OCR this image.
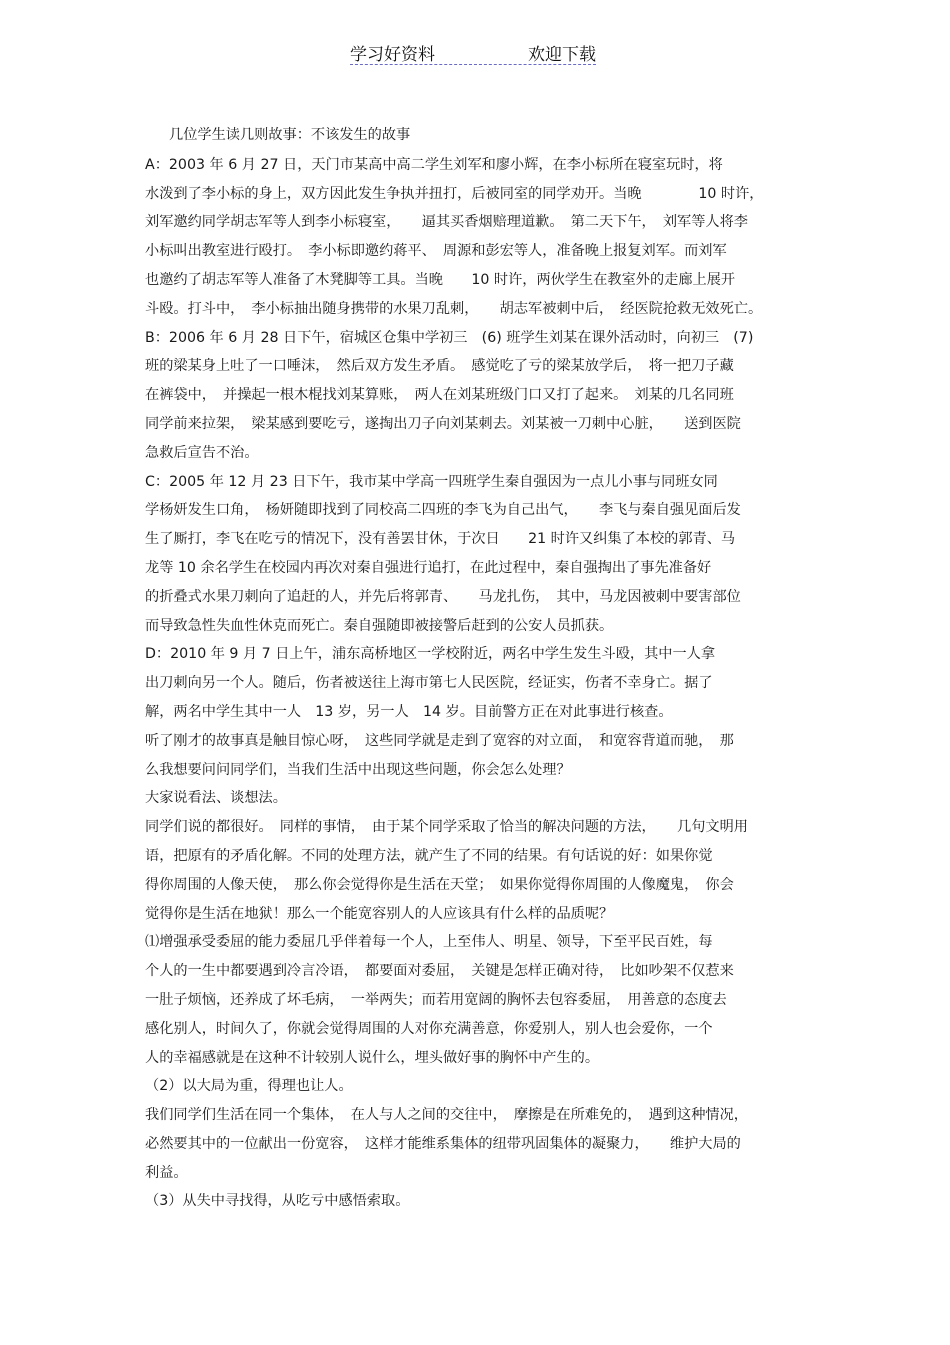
学习好资料	欢迎下载
几位学生读几则故事：不该发生的故事
A：2003 年 6 月 27 日，天门市某高中高二学生刘军和廖小辉，在李小标所在寝室玩时，将
水泼到了李小标的身上，双方因此发生争执并扭打，后被同室的同学劝开。当晚　　　　10 时许，
刘军邀约同学胡志军等人到李小标寝室，　　逼其买香烟赔理道歉。　第二天下午，　刘军等人将李
小标叫出教室进行殴打。　李小标即邀约蒋平、　周源和彭宏等人，准备晚上报复刘军。而刘军
也邀约了胡志军等人准备了木凳脚等工具。当晚　　10 时许，两伙学生在教室外的走廊上展开
斗殴。打斗中，　李小标抽出随身携带的水果刀乱刺，　　胡志军被刺中后，　经医院抢救无效死亡。
B：2006 年 6 月 28 日下午，宿城区仓集中学初三　(6) 班学生刘某在课外活动时，向初三　(7)
班的梁某身上吐了一口唾沫，　然后双方发生矛盾。　感觉吃了亏的梁某放学后，　将一把刀子藏
在裤袋中，　并操起一根木棍找刘某算账，　两人在刘某班级门口又打了起来。　刘某的几名同班
同学前来拉架，　梁某感到要吃亏，遂掏出刀子向刘某刺去。刘某被一刀刺中心脏，　　送到医院
急救后宣告不治。
C：2005 年 12 月 23 日下午，我市某中学高一四班学生秦自强因为一点儿小事与同班女同
学杨妍发生口角，　杨妍随即找到了同校高二四班的李飞为自己出气，　　李飞与秦自强见面后发
生了厮打，李飞在吃亏的情况下，没有善罢甘休，于次日　　21 时许又纠集了本校的郭青、马
龙等 10 余名学生在校园内再次对秦自强进行追打，在此过程中，秦自强掏出了事先准备好
的折叠式水果刀刺向了追赶的人，并先后将郭青、　　马龙扎伤，　其中，马龙因被刺中要害部位
而导致急性失血性休克而死亡。秦自强随即被接警后赶到的公安人员抓获。
D：2010 年 9 月 7 日上午，浦东高桥地区一学校附近，两名中学生发生斗殴，其中一人拿
出刀刺向另一个人。随后，伤者被送往上海市第七人民医院，经证实，伤者不幸身亡。据了
解，两名中学生其中一人　13 岁，另一人　14 岁。目前警方正在对此事进行核查。
听了刚才的故事真是触目惊心呀，　这些同学就是走到了宽容的对立面，　和宽容背道而驰，　那
么我想要问问同学们，当我们生活中出现这些问题，你会怎么处理？
大家说看法、谈想法。
同学们说的都很好。　同样的事情，　由于某个同学采取了恰当的解决问题的方法，　　几句文明用
语，把原有的矛盾化解。不同的处理方法，就产生了不同的结果。有句话说的好：如果你觉
得你周围的人像天使，　那么你会觉得你是生活在天堂；　如果你觉得你周围的人像魔鬼，　你会
觉得你是生活在地狱！那么一个能宽容别人的人应该具有什么样的品质呢？
⑴增强承受委屈的能力委屈几乎伴着每一个人，上至伟人、明星、领导，下至平民百姓，每
个人的一生中都要遇到冷言冷语，　都要面对委屈，　关键是怎样正确对待，　比如吵架不仅惹来
一肚子烦恼，还养成了坏毛病，　一举两失；而若用宽阔的胸怀去包容委屈，　用善意的态度去
感化别人，时间久了，你就会觉得周围的人对你充满善意，你爱别人，别人也会爱你，一个
人的幸福感就是在这种不计较别人说什么，埋头做好事的胸怀中产生的。
（2）以大局为重，得理也让人。
我们同学们生活在同一个集体，　在人与人之间的交往中，　摩擦是在所难免的，　遇到这种情况，
必然要其中的一位献出一份宽容，　这样才能维系集体的纽带巩固集体的凝聚力，　　维护大局的
利益。
（3）从失中寻找得，从吃亏中感悟索取。
